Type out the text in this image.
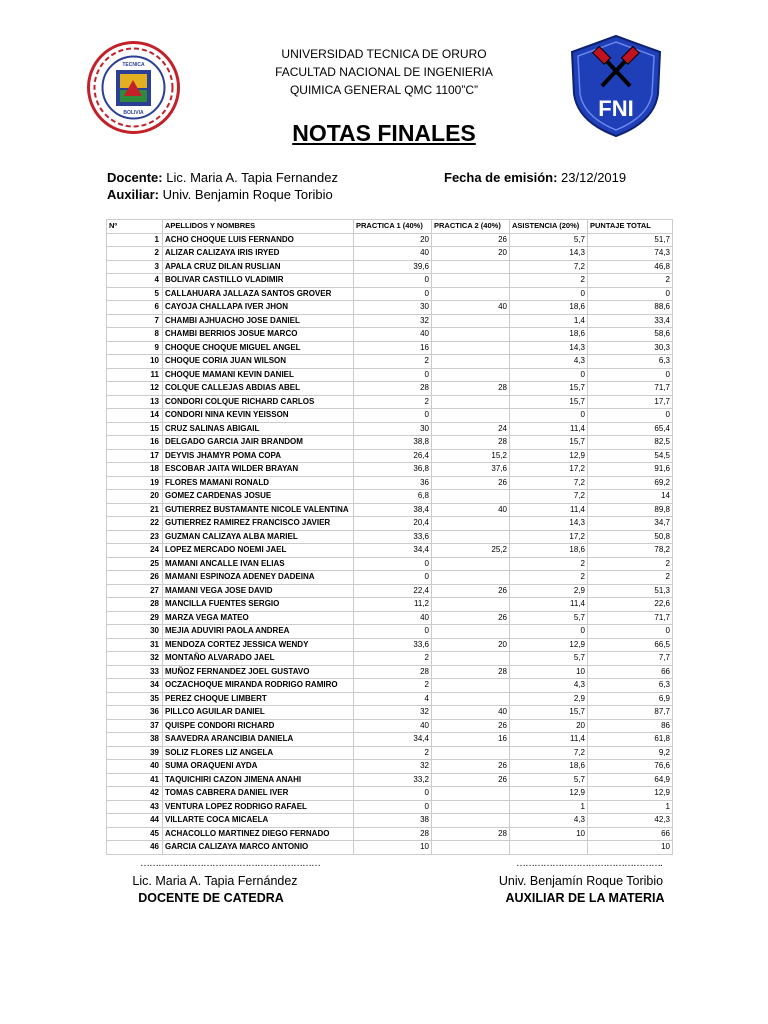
TECNICA
BOLIVIA	FNI
UNIVERSIDAD TECNICA DE ORURO
FACULTAD NACIONAL DE INGENIERIA
QUIMICA GENERAL QMC 1100”C”
NOTAS FINALES
Docente: Lic. Maria A. Tapia Fernandez
Auxiliar: Univ. Benjamin Roque Toribio
Fecha de emisión: 23/12/2019
Nº	APELLIDOS Y NOMBRES	PRACTICA 1 (40%)	PRACTICA 2 (40%)	ASISTENCIA (20%)	PUNTAJE TOTAL
1	ACHO CHOQUE LUIS FERNANDO	20	26	5,7	51,7
2	ALIZAR CALIZAYA IRIS IRYED	40	20	14,3	74,3
3	APALA CRUZ DILAN RUSLIAN	39,6		7,2	46,8
4	BOLIVAR CASTILLO VLADIMIR	0		2	2
5	CALLAHUARA JALLAZA SANTOS GROVER	0		0	0
6	CAYOJA CHALLAPA IVER JHON	30	40	18,6	88,6
7	CHAMBI AJHUACHO JOSE DANIEL	32		1,4	33,4
8	CHAMBI BERRIOS JOSUE MARCO	40		18,6	58,6
9	CHOQUE CHOQUE MIGUEL ANGEL	16		14,3	30,3
10	CHOQUE CORIA JUAN WILSON	2		4,3	6,3
11	CHOQUE MAMANI KEVIN DANIEL	0		0	0
12	COLQUE CALLEJAS ABDIAS ABEL	28	28	15,7	71,7
13	CONDORI COLQUE RICHARD CARLOS	2		15,7	17,7
14	CONDORI NINA KEVIN YEISSON	0		0	0
15	CRUZ SALINAS ABIGAIL	30	24	11,4	65,4
16	DELGADO GARCIA JAIR BRANDOM	38,8	28	15,7	82,5
17	DEYVIS JHAMYR POMA COPA	26,4	15,2	12,9	54,5
18	ESCOBAR JAITA WILDER BRAYAN	36,8	37,6	17,2	91,6
19	FLORES MAMANI RONALD	36	26	7,2	69,2
20	GOMEZ CARDENAS JOSUE	6,8		7,2	14
21	GUTIERREZ BUSTAMANTE NICOLE VALENTINA	38,4	40	11,4	89,8
22	GUTIERREZ RAMIREZ FRANCISCO JAVIER	20,4		14,3	34,7
23	GUZMAN CALIZAYA ALBA MARIEL	33,6		17,2	50,8
24	LOPEZ MERCADO NOEMI JAEL	34,4	25,2	18,6	78,2
25	MAMANI ANCALLE IVAN ELIAS	0		2	2
26	MAMANI ESPINOZA ADENEY DADEINA	0		2	2
27	MAMANI VEGA JOSE DAVID	22,4	26	2,9	51,3
28	MANCILLA FUENTES SERGIO	11,2		11,4	22,6
29	MARZA VEGA MATEO	40	26	5,7	71,7
30	MEJIA ADUVIRI PAOLA ANDREA	0		0	0
31	MENDOZA CORTEZ JESSICA WENDY	33,6	20	12,9	66,5
32	MONTAÑO ALVARADO JAEL	2		5,7	7,7
33	MUÑOZ FERNANDEZ JOEL GUSTAVO	28	28	10	66
34	OCZACHOQUE MIRANDA RODRIGO RAMIRO	2		4,3	6,3
35	PEREZ CHOQUE LIMBERT	4		2,9	6,9
36	PILLCO AGUILAR DANIEL	32	40	15,7	87,7
37	QUISPE CONDORI RICHARD	40	26	20	86
38	SAAVEDRA ARANCIBIA DANIELA	34,4	16	11,4	61,8
39	SOLIZ FLORES LIZ ANGELA	2		7,2	9,2
40	SUMA ORAQUENI AYDA	32	26	18,6	76,6
41	TAQUICHIRI CAZON JIMENA ANAHI	33,2	26	5,7	64,9
42	TOMAS CABRERA DANIEL IVER	0		12,9	12,9
43	VENTURA LOPEZ RODRIGO RAFAEL	0		1	1
44	VILLARTE COCA MICAELA	38		4,3	42,3
45	ACHACOLLO MARTINEZ DIEGO FERNADO	28	28	10	66
46	GARCIA CALIZAYA MARCO ANTONIO	10			10
……………………………………………………
Lic. Maria A. Tapia Fernández
DOCENTE DE CATEDRA
………………………………………….
Univ. Benjamín Roque Toribio
AUXILIAR DE LA MATERIA
